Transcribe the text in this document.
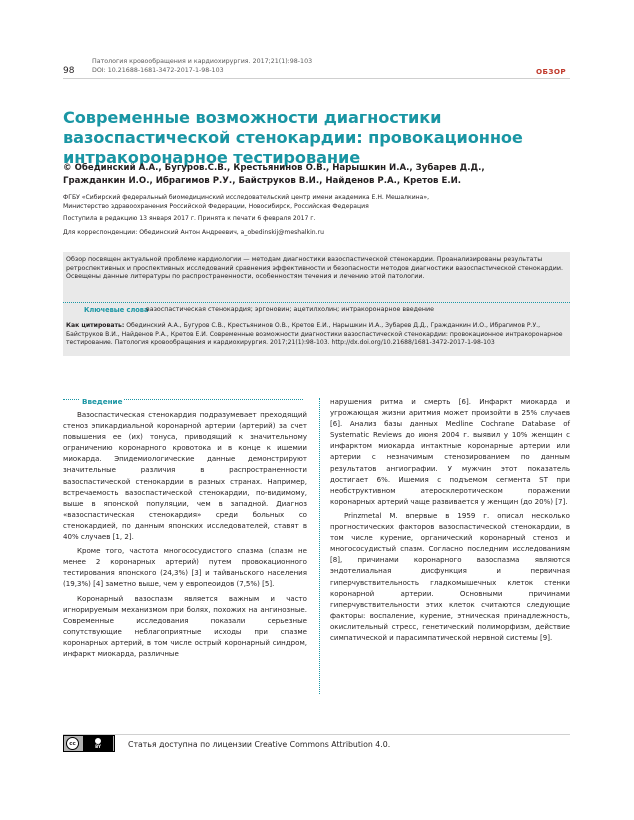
98
Патология кровообращения и кардиохирургия. 2017;21(1):98-103
DOI: 10.21688-1681-3472-2017-1-98-103	ОБЗОР
Современные возможности диагностики вазоспастической стенокардии: провокационное интракоронарное тестирование
© Обединский А.А., Бугуров.С.В., Крестьянинов О.В., Нарышкин И.А., Зубарев Д.Д.,
Гражданкин И.О., Ибрагимов Р.У., Байструков В.И., Найденов Р.А., Кретов Е.И.
ФГБУ «Сибирский федеральный биомедицинский исследовательский центр имени академика Е.Н. Мешалкина»,
Министерство здравоохранения Российской Федерации, Новосибирск, Российская Федерация
Поступила в редакцию 13 января 2017 г. Принята к печати 6 февраля 2017 г.
Для корреспонденции: Обединский Антон Андреевич, a_obedinskij@meshalkin.ru
Обзор посвящен актуальной проблеме кардиологии — методам диагностики вазоспастической стенокардии. Проанализированы результаты ретроспективных и проспективных исследований сравнения эффективности и безопасности методов диагностики вазоспастической стенокардии. Освещены данные литературы по распространенности, особенностям течения и лечению этой патологии.
Ключевые слова
вазоспастическая стенокардия; эргоновин; ацетилхолин; интракоронарное введение
Как цитировать: Обединский А.А., Бугуров С.В., Крестьянинов О.В., Кретов Е.И., Нарышкин И.А., Зубарев Д.Д., Гражданкин И.О., Ибрагимов Р.У., Байструков В.И., Найденов Р.А., Кретов Е.И. Современные возможности диагностики вазоспастической стенокардии: провокационное интракоронарное тестирование. Патология кровообращения и кардиохирургия. 2017;21(1):98-103. http://dx.doi.org/10.21688/1681-3472-2017-1-98-103
Введение

Вазоспастическая стенокардия подразумевает преходящий стеноз эпикардиальной коронарной артерии (артерий) за счет повышения ее (их) тонуса, приводящий к значительному ограничению коронарного кровотока и в конце к ишемии миокарда. Эпидемиологические данные демонстрируют значительные различия в распространенности вазоспастической стенокардии в разных странах. Например, встречаемость вазоспастической стенокардии, по-видимому, выше в японской популяции, чем в западной. Диагноз «вазоспастическая стенокардия» среди больных со стенокардией, по данным японских исследователей, ставят в 40% случаев [1, 2].

Кроме того, частота многососудистого спазма (спазм не менее 2 коронарных артерий) путем провокационного тестирования японского (24,3%) [3] и тайваньского населения (19,3%) [4] заметно выше, чем у европеоидов (7,5%) [5].

Коронарный вазоспазм является важным и часто игнорируемым механизмом при болях, похожих на ангинозные. Современные исследования показали серьезные сопутствующие неблагоприятные исходы при спазме коронарных артерий, в том числе острый коронарный синдром, инфаркт миокарда, различные

нарушения ритма и смерть [6]. Инфаркт миокарда и угрожающая жизни аритмия может произойти в 25% случаев [6]. Анализ базы данных Medline Cochrane Database of Systematic Reviews до июня 2004 г. выявил у 10% женщин с инфарктом миокарда интактные коронарные артерии или артерии с незначимым стенозированием по данным результатов ангиографии. У мужчин этот показатель достигает 6%. Ишемия с подъемом сегмента ST при необструктивном атеросклеротическом поражении коронарных артерий чаще развивается у женщин (до 20%) [7].

Prinzmetal M. впервые в 1959 г. описал несколько прогностических факторов вазоспастической стенокардии, в том числе курение, органический коронарный стеноз и многососудистый спазм. Согласно последним исследованиям [8], причинами коронарного вазоспазма являются эндотелиальная дисфункция и первичная гиперчувствительность гладкомышечных клеток стенки коронарной артерии. Основными причинами гиперчувствительности этих клеток считаются следующие факторы: воспаление, курение, этническая принадлежность, окислительный стресс, генетический полиморфизм, действие симпатической и парасимпатической нервной системы [9].

cc	BY	Статья доступна по лицензии Creative Commons Attribution 4.0.
